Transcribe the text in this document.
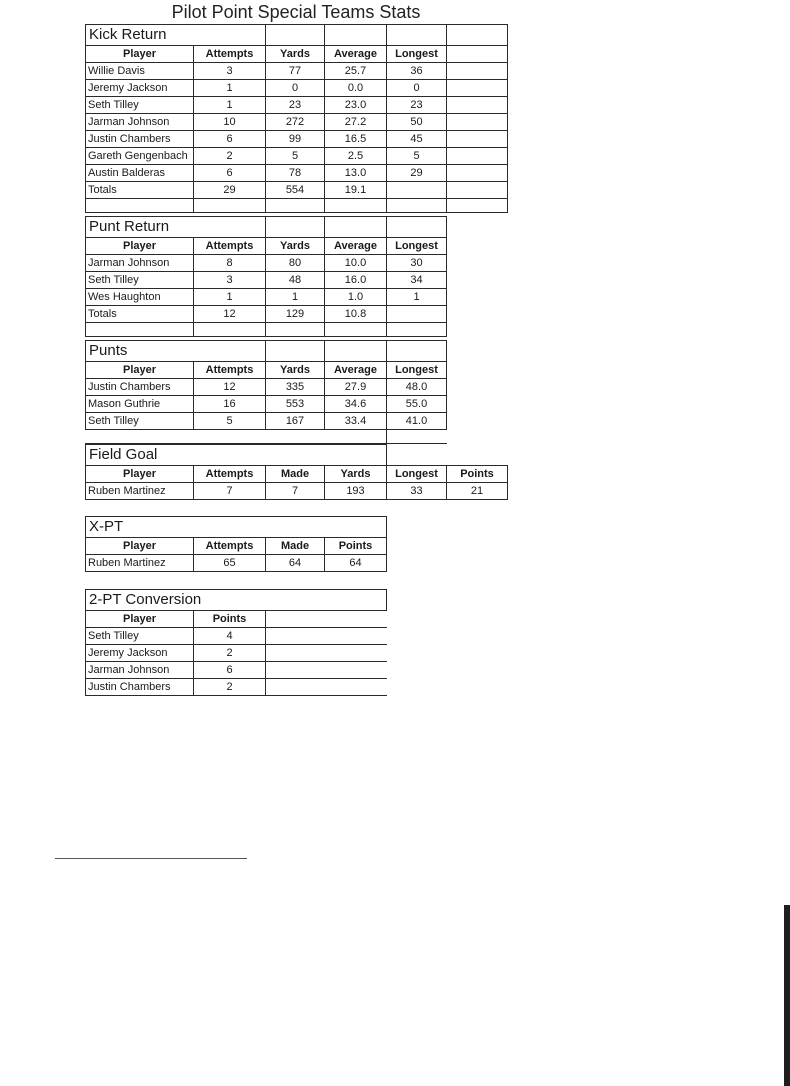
Pilot Point Special Teams Stats
Kick Return					
Player	Attempts	Yards	Average	Longest	
Willie Davis	3	77	25.7	36	
Jeremy Jackson	1	0	0.0	0	
Seth Tilley	1	23	23.0	23	
Jarman Johnson	10	272	27.2	50	
Justin Chambers	6	99	16.5	45	
Gareth Gengenbach	2	5	2.5	5	
Austin Balderas	6	78	13.0	29	
Totals	29	554	19.1		

Punt Return				
Player	Attempts	Yards	Average	Longest
Jarman Johnson	8	80	10.0	30
Seth Tilley	3	48	16.0	34
Wes Haughton	1	1	1.0	1
Totals	12	129	10.8	

Punts				
Player	Attempts	Yards	Average	Longest
Justin Chambers	12	335	27.9	48.0
Mason Guthrie	16	553	34.6	55.0
Seth Tilley	5	167	33.4	41.0

Field Goal					
Player	Attempts	Made	Yards	Longest	Points
Ruben Martinez	7	7	193	33	21
X-PT			
Player	Attempts	Made	Points
Ruben Martinez	65	64	64
2-PT Conversion		
Player	Points	
Seth Tilley	4	
Jeremy Jackson	2	
Jarman Johnson	6	
Justin Chambers	2	
